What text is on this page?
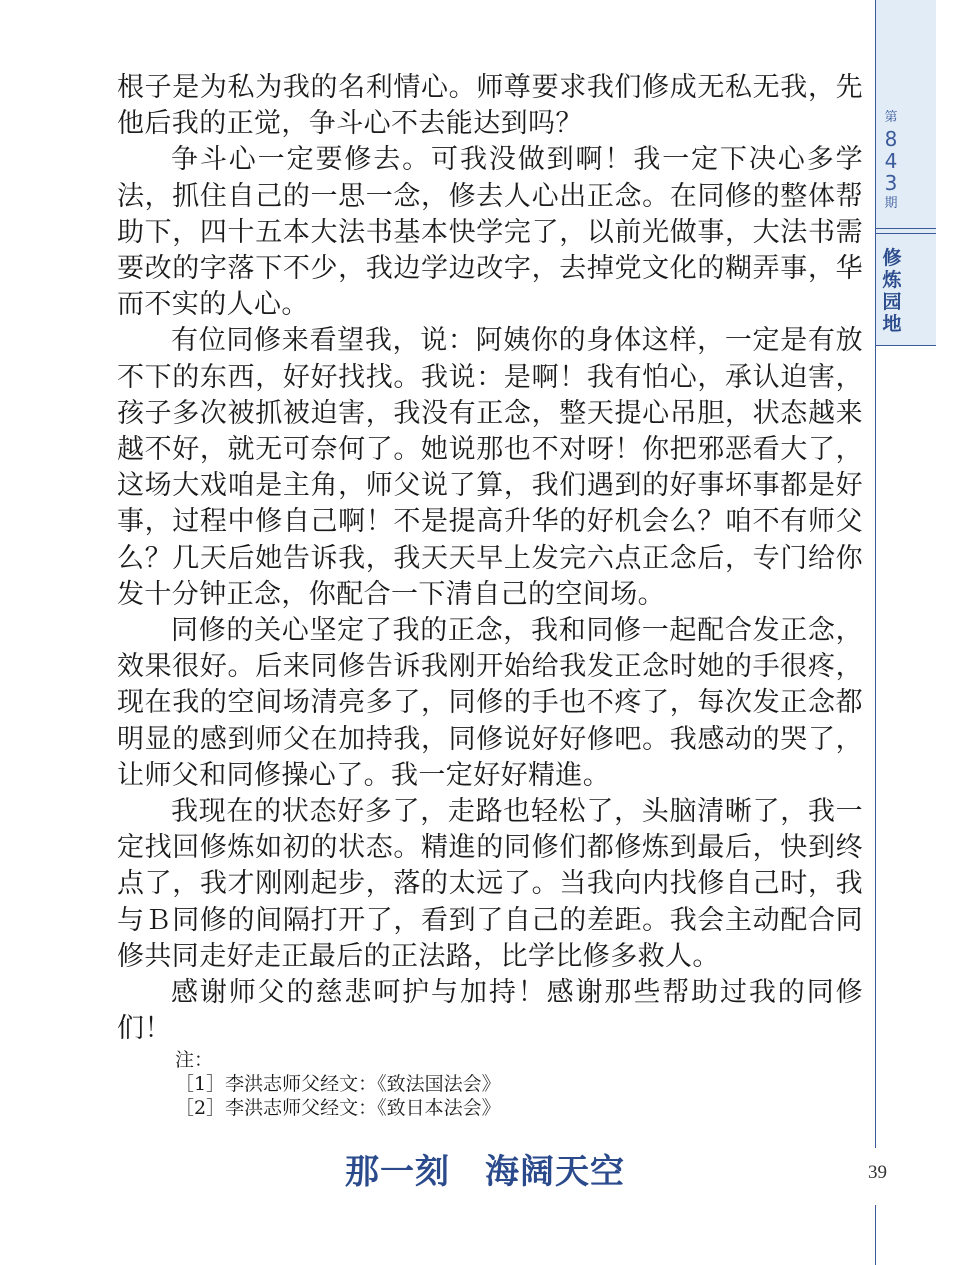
第
8
4
3
期
修
炼
园
地

根子是为私为我的名利情心。师尊要求我们修成无私无我，先他后我的正觉，争斗心不去能达到吗？

争斗心一定要修去。可我没做到啊！我一定下决心多学法，抓住自己的一思一念，修去人心出正念。在同修的整体帮助下，四十五本大法书基本快学完了，以前光做事，大法书需要改的字落下不少，我边学边改字，去掉党文化的糊弄事，华而不实的人心。

有位同修来看望我，说：阿姨你的身体这样，一定是有放不下的东西，好好找找。我说：是啊！我有怕心，承认迫害，孩子多次被抓被迫害，我没有正念，整天提心吊胆，状态越来越不好，就无可奈何了。她说那也不对呀！你把邪恶看大了，这场大戏咱是主角，师父说了算，我们遇到的好事坏事都是好事，过程中修自己啊！不是提高升华的好机会么？咱不有师父么？几天后她告诉我，我天天早上发完六点正念后，专门给你发十分钟正念，你配合一下清自己的空间场。

同修的关心坚定了我的正念，我和同修一起配合发正念，效果很好。后来同修告诉我刚开始给我发正念时她的手很疼，现在我的空间场清亮多了，同修的手也不疼了，每次发正念都明显的感到师父在加持我，同修说好好修吧。我感动的哭了，让师父和同修操心了。我一定好好精進。

我现在的状态好多了，走路也轻松了，头脑清晰了，我一定找回修炼如初的状态。精進的同修们都修炼到最后，快到终点了，我才刚刚起步，落的太远了。当我向内找修自己时，我与Ｂ同修的间隔打开了，看到了自己的差距。我会主动配合同修共同走好走正最后的正法路，比学比修多救人。

感谢师父的慈悲呵护与加持！感谢那些帮助过我的同修们！

注：
［1］李洪志师父经文：《致法国法会》
［2］李洪志师父经文：《致日本法会》
那一刻　海阔天空	39
